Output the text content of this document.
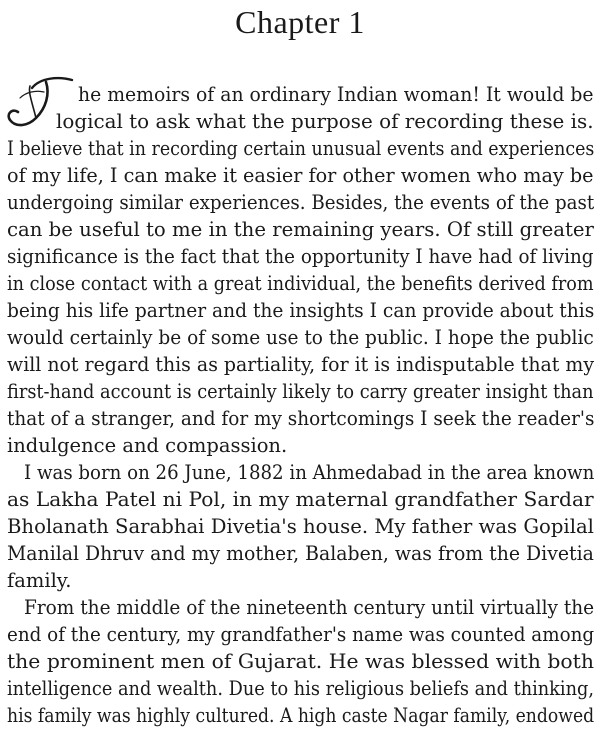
Chapter 1
he memoirs of an ordinary Indian woman! It would be
logical to ask what the purpose of recording these is.
I believe that in recording certain unusual events and experiences
of my life, I can make it easier for other women who may be
undergoing similar experiences. Besides, the events of the past
can be useful to me in the remaining years. Of still greater
significance is the fact that the opportunity I have had of living
in close contact with a great individual, the benefits derived from
being his life partner and the insights I can provide about this
would certainly be of some use to the public. I hope the public
will not regard this as partiality, for it is indisputable that my
first-hand account is certainly likely to carry greater insight than
that of a stranger, and for my shortcomings I seek the reader's
indulgence and compassion.
I was born on 26 June, 1882 in Ahmedabad in the area known
as Lakha Patel ni Pol, in my maternal grandfather Sardar
Bholanath Sarabhai Divetia's house. My father was Gopilal
Manilal Dhruv and my mother, Balaben, was from the Divetia
family.
From the middle of the nineteenth century until virtually the
end of the century, my grandfather's name was counted among
the prominent men of Gujarat. He was blessed with both
intelligence and wealth. Due to his religious beliefs and thinking,
his family was highly cultured. A high caste Nagar family, endowed
